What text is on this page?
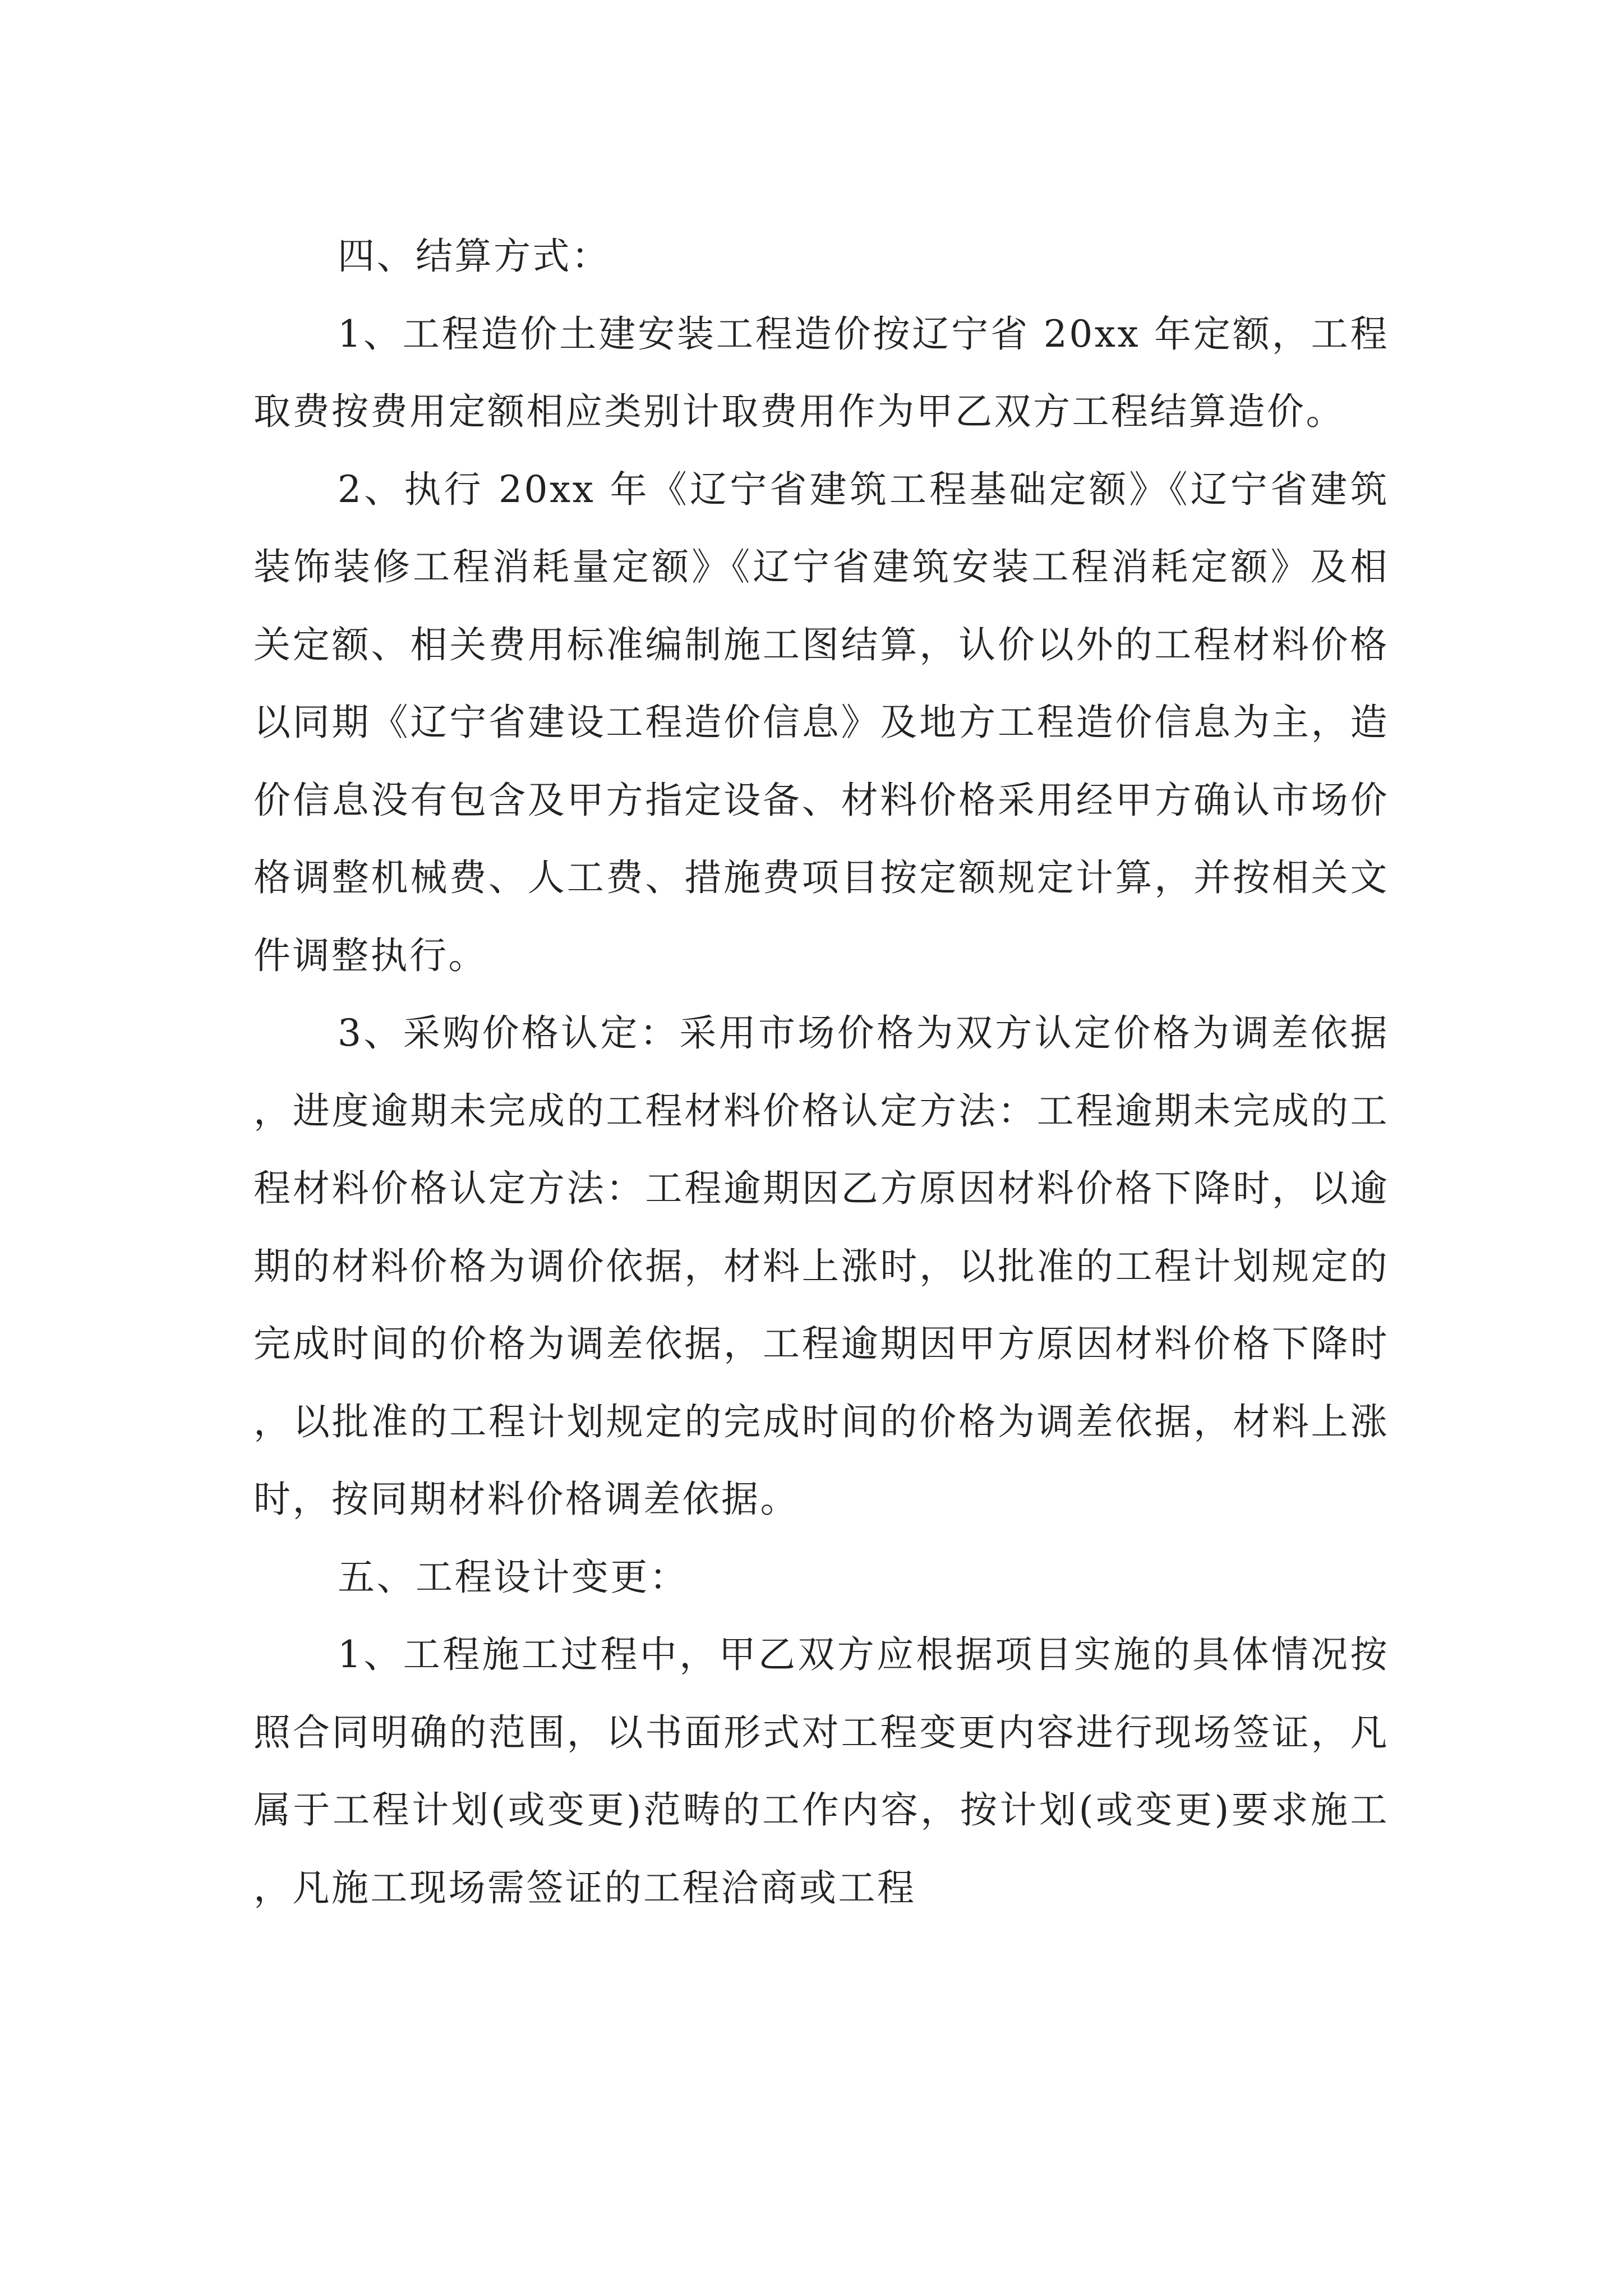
四、结算方式：

1、工程造价土建安装工程造价按辽宁省 20xx 年定额，工程取费按费用定额相应类别计取费用作为甲乙双方工程结算造价。

2、执行 20xx 年《辽宁省建筑工程基础定额》《辽宁省建筑装饰装修工程消耗量定额》《辽宁省建筑安装工程消耗定额》及相关定额、相关费用标准编制施工图结算，认价以外的工程材料价格以同期《辽宁省建设工程造价信息》及地方工程造价信息为主，造价信息没有包含及甲方指定设备、材料价格采用经甲方确认市场价格调整机械费、人工费、措施费项目按定额规定计算，并按相关文件调整执行。

3、采购价格认定：采用市场价格为双方认定价格为调差依据，进度逾期未完成的工程材料价格认定方法：工程逾期未完成的工程材料价格认定方法：工程逾期因乙方原因材料价格下降时，以逾期的材料价格为调价依据，材料上涨时，以批准的工程计划规定的完成时间的价格为调差依据，工程逾期因甲方原因材料价格下降时，以批准的工程计划规定的完成时间的价格为调差依据，材料上涨时，按同期材料价格调差依据。

五、工程设计变更：

1、工程施工过程中，甲乙双方应根据项目实施的具体情况按照合同明确的范围，以书面形式对工程变更内容进行现场签证，凡属于工程计划(或变更)范畴的工作内容，按计划(或变更)要求施工，凡施工现场需签证的工程洽商或工程
